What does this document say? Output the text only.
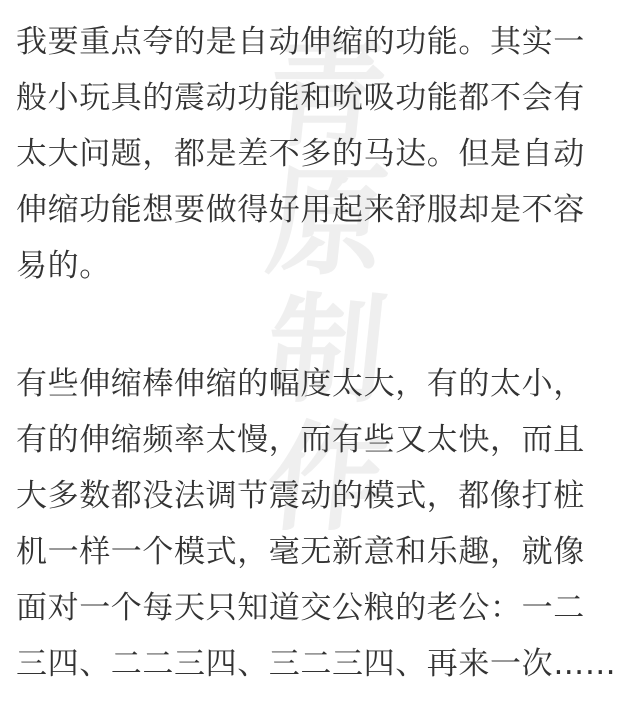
青
原
制
作
我要重点夸的是自动伸缩的功能。其实一
般小玩具的震动功能和吮吸功能都不会有
太大问题，都是差不多的马达。但是自动
伸缩功能想要做得好用起来舒服却是不容
易的。
有些伸缩棒伸缩的幅度太大，有的太小，
有的伸缩频率太慢，而有些又太快，而且
大多数都没法调节震动的模式，都像打桩
机一样一个模式，毫无新意和乐趣，就像
面对一个每天只知道交公粮的老公：一二
三四、二二三四、三二三四、再来一次……
